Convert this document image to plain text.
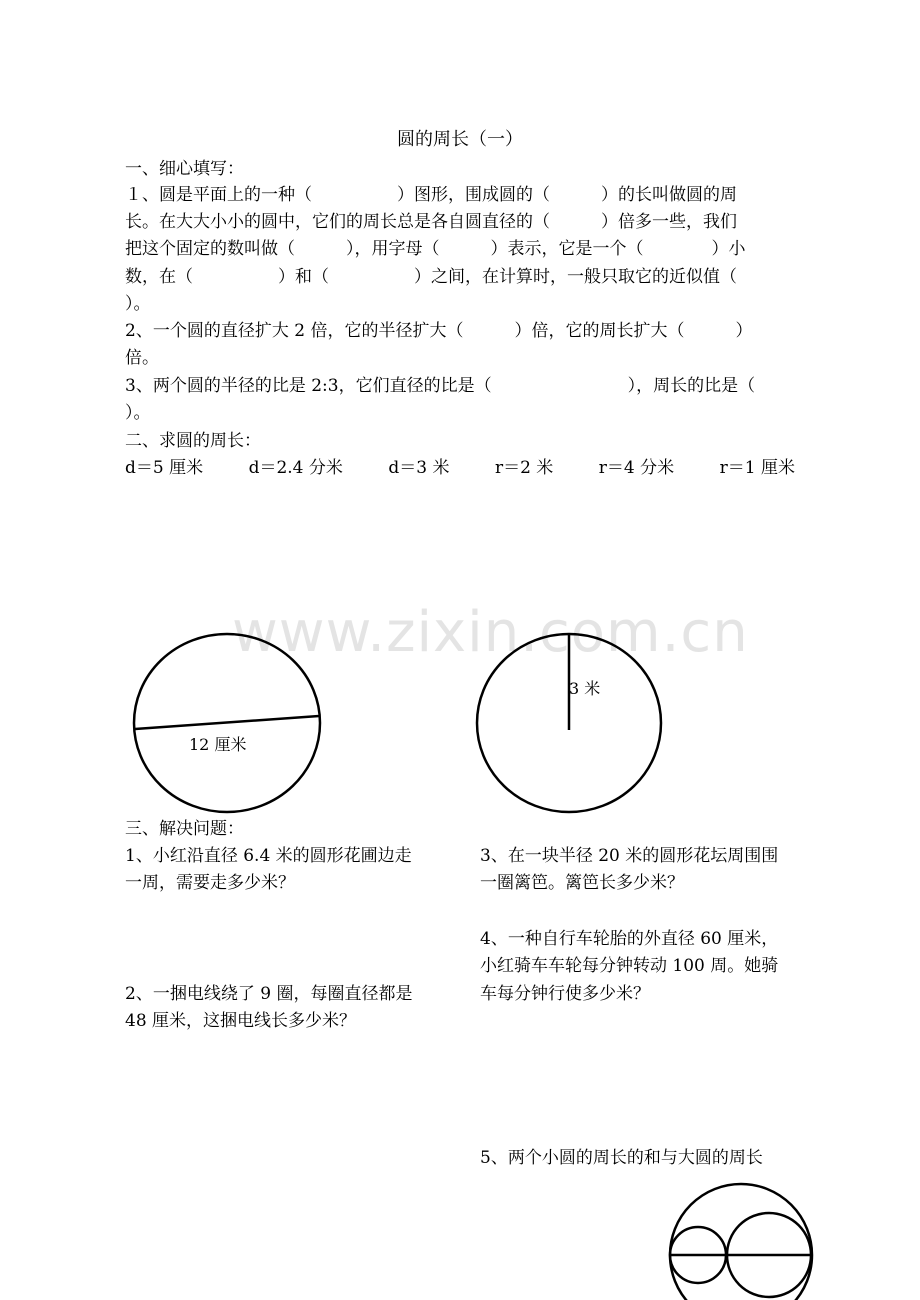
www.zixin.com.cn
圆的周长（一）
一、细心填写：
１、圆是平面上的一种（　　　　　）图形，围成圆的（　　　）的长叫做圆的周
长。在大大小小的圆中，它们的周长总是各自圆直径的（　　　）倍多一些，我们
把这个固定的数叫做（　　　），用字母（　　　）表示，它是一个（　　　　）小
数，在（　　　　　）和（　　　　　）之间，在计算时，一般只取它的近似值（
）。
2、一个圆的直径扩大 2 倍，它的半径扩大（　　　）倍，它的周长扩大（　　　）
倍。
3、两个圆的半径的比是 2:3，它们直径的比是（　　　　　　　　），周长的比是（
）。
二、求圆的周长：
d＝5 厘米	d＝2.4 分米	d＝3 米	r＝2 米	r＝4 分米	r＝1 厘米
12 厘米
3 米
三、解决问题：
1、小红沿直径 6.4 米的圆形花圃边走
一周，需要走多少米？
2、一捆电线绕了 9 圈，每圈直径都是
48 厘米，这捆电线长多少米？
3、在一块半径 20 米的圆形花坛周围围
一圈篱笆。篱笆长多少米？
4、一种自行车轮胎的外直径 60 厘米，
小红骑车车轮每分钟转动 100 周。她骑
车每分钟行使多少米？
5、两个小圆的周长的和与大圆的周长
